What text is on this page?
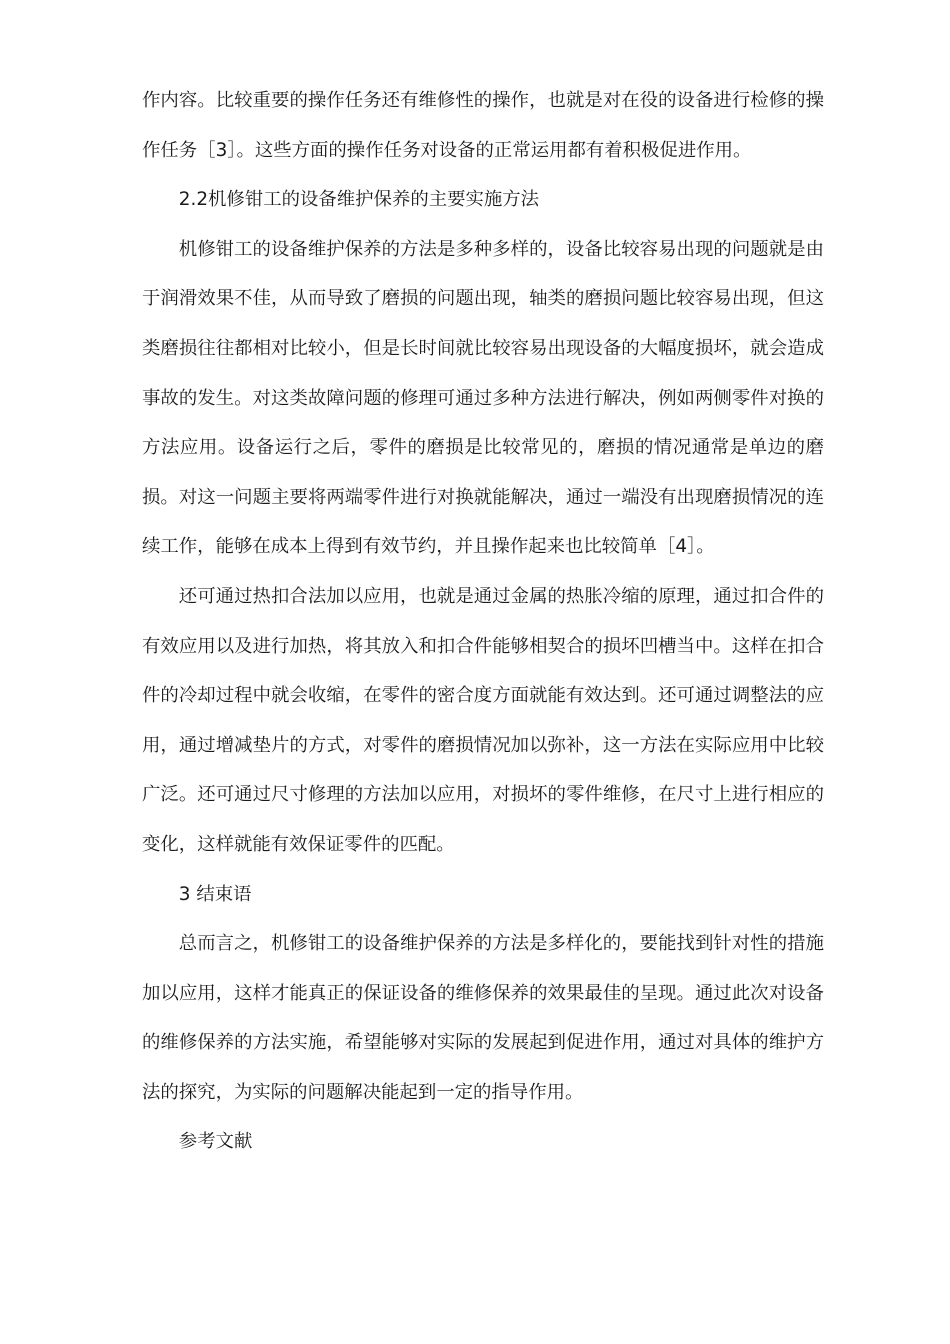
作内容。比较重要的操作任务还有维修性的操作，也就是对在役的设备进行检修的操作任务［3］。这些方面的操作任务对设备的正常运用都有着积极促进作用。

2.2机修钳工的设备维护保养的主要实施方法

机修钳工的设备维护保养的方法是多种多样的，设备比较容易出现的问题就是由于润滑效果不佳，从而导致了磨损的问题出现，轴类的磨损问题比较容易出现，但这类磨损往往都相对比较小，但是长时间就比较容易出现设备的大幅度损坏，就会造成事故的发生。对这类故障问题的修理可通过多种方法进行解决，例如两侧零件对换的方法应用。设备运行之后，零件的磨损是比较常见的，磨损的情况通常是单边的磨损。对这一问题主要将两端零件进行对换就能解决，通过一端没有出现磨损情况的连续工作，能够在成本上得到有效节约，并且操作起来也比较简单［4］。

还可通过热扣合法加以应用，也就是通过金属的热胀冷缩的原理，通过扣合件的有效应用以及进行加热，将其放入和扣合件能够相契合的损坏凹槽当中。这样在扣合件的冷却过程中就会收缩，在零件的密合度方面就能有效达到。还可通过调整法的应用，通过增减垫片的方式，对零件的磨损情况加以弥补，这一方法在实际应用中比较广泛。还可通过尺寸修理的方法加以应用，对损坏的零件维修，在尺寸上进行相应的变化，这样就能有效保证零件的匹配。

3 结束语

总而言之，机修钳工的设备维护保养的方法是多样化的，要能找到针对性的措施加以应用，这样才能真正的保证设备的维修保养的效果最佳的呈现。通过此次对设备的维修保养的方法实施，希望能够对实际的发展起到促进作用，通过对具体的维护方法的探究，为实际的问题解决能起到一定的指导作用。

参考文献
